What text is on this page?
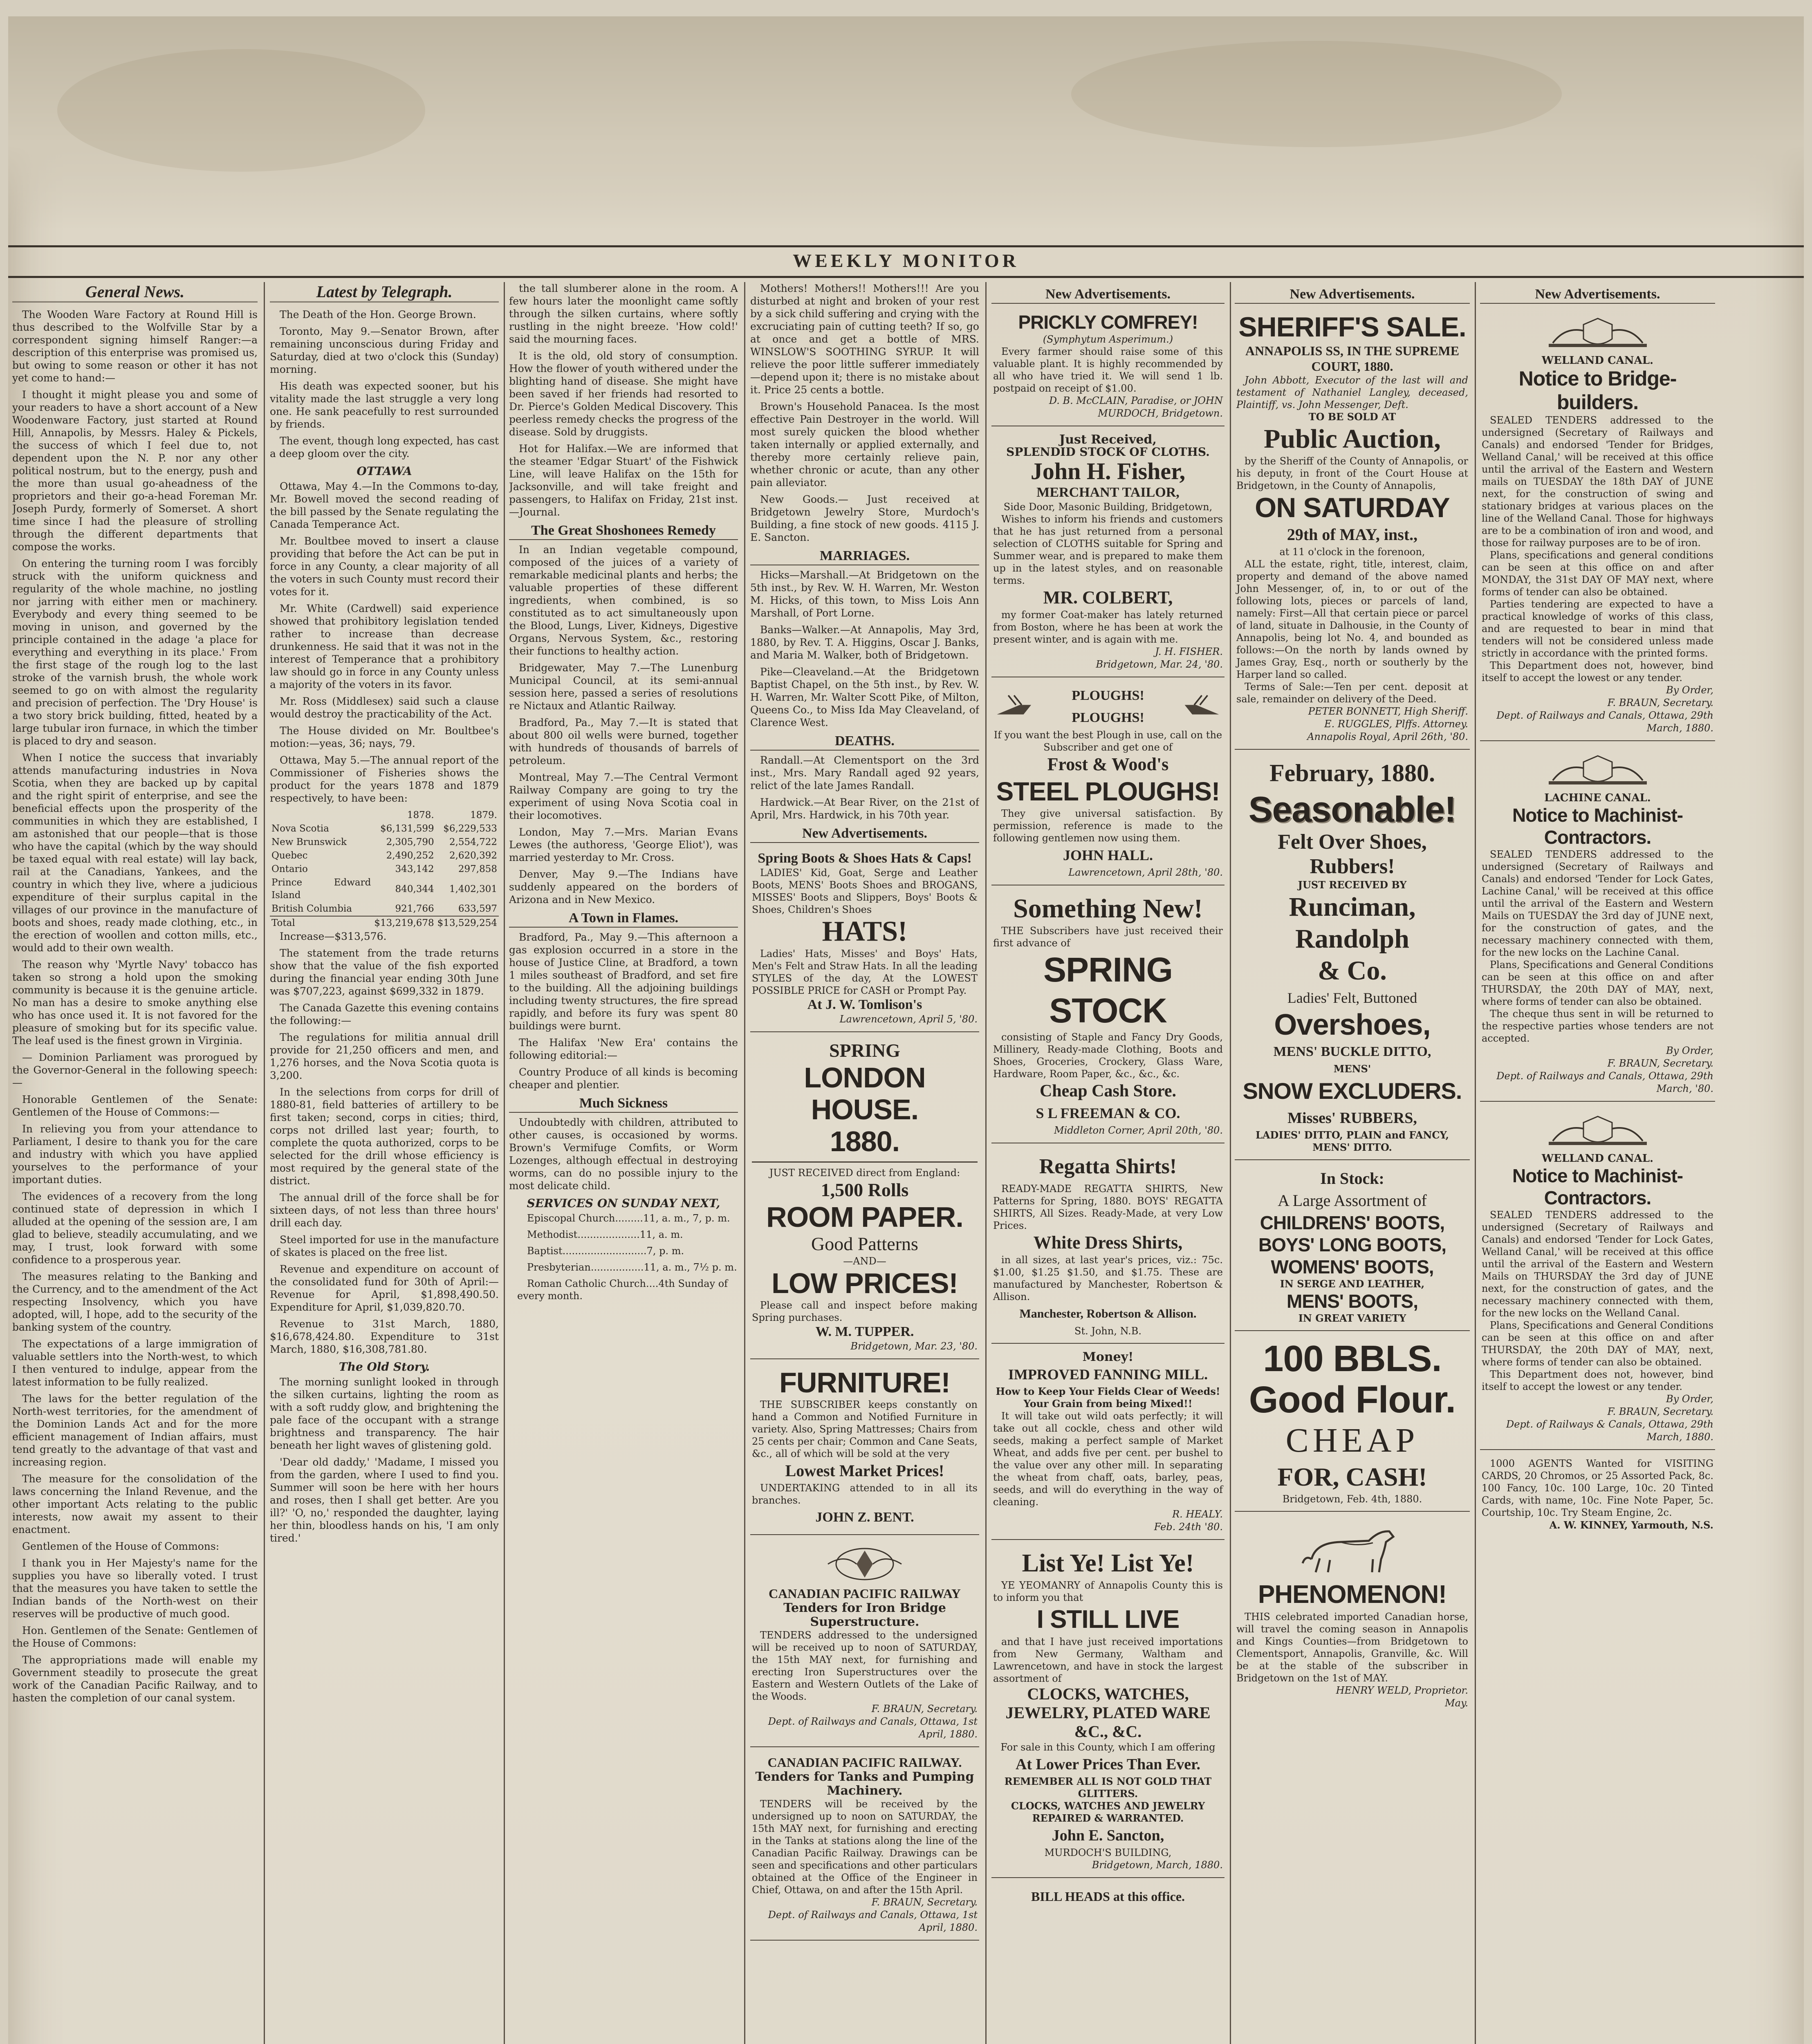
WEEKLY MONITOR
General News.
The Wooden Ware Factory at Round Hill is thus described to the Wolfville Star by a correspondent signing himself Ranger:—a description of this enterprise was promised us, but owing to some reason or other it has not yet come to hand:—
I thought it might please you and some of your readers to have a short account of a New Woodenware Factory, just started at Round Hill, Annapolis, by Messrs. Haley & Pickels, the success of which I feel due to, not dependent upon the N. P. nor any other political nostrum, but to the energy, push and the more than usual go-aheadness of the proprietors and their go-a-head Foreman Mr. Joseph Purdy, formerly of Somerset. A short time since I had the pleasure of strolling through the different departments that compose the works.
On entering the turning room I was forcibly struck with the uniform quickness and regularity of the whole machine, no jostling nor jarring with either men or machinery. Everybody and every thing seemed to be moving in unison, and governed by the principle contained in the adage 'a place for everything and everything in its place.' From the first stage of the rough log to the last stroke of the varnish brush, the whole work seemed to go on with almost the regularity and precision of perfection. The 'Dry House' is a two story brick building, fitted, heated by a large tubular iron furnace, in which the timber is placed to dry and season.
When I notice the success that invariably attends manufacturing industries in Nova Scotia, when they are backed up by capital and the right spirit of enterprise, and see the beneficial effects upon the prosperity of the communities in which they are established, I am astonished that our people—that is those who have the capital (which by the way should be taxed equal with real estate) will lay back, rail at the Canadians, Yankees, and the country in which they live, where a judicious expenditure of their surplus capital in the villages of our province in the manufacture of boots and shoes, ready made clothing, etc., in the erection of woollen and cotton mills, etc., would add to their own wealth.
The reason why 'Myrtle Navy' tobacco has taken so strong a hold upon the smoking community is because it is the genuine article. No man has a desire to smoke anything else who has once used it. It is not favored for the pleasure of smoking but for its specific value. The leaf used is the finest grown in Virginia.
— Dominion Parliament was prorogued by the Governor-General in the following speech:—
Honorable Gentlemen of the Senate: Gentlemen of the House of Commons:—
In relieving you from your attendance to Parliament, I desire to thank you for the care and industry with which you have applied yourselves to the performance of your important duties.
The evidences of a recovery from the long continued state of depression in which I alluded at the opening of the session are, I am glad to believe, steadily accumulating, and we may, I trust, look forward with some confidence to a prosperous year.
The measures relating to the Banking and the Currency, and to the amendment of the Act respecting Insolvency, which you have adopted, will, I hope, add to the security of the banking system of the country.
The expectations of a large immigration of valuable settlers into the North-west, to which I then ventured to indulge, appear from the latest information to be fully realized.
The laws for the better regulation of the North-west territories, for the amendment of the Dominion Lands Act and for the more efficient management of Indian affairs, must tend greatly to the advantage of that vast and increasing region.
The measure for the consolidation of the laws concerning the Inland Revenue, and the other important Acts relating to the public interests, now await my assent to their enactment.
Gentlemen of the House of Commons:
I thank you in Her Majesty's name for the supplies you have so liberally voted. I trust that the measures you have taken to settle the Indian bands of the North-west on their reserves will be productive of much good.
Hon. Gentlemen of the Senate: Gentlemen of the House of Commons:
The appropriations made will enable my Government steadily to prosecute the great work of the Canadian Pacific Railway, and to hasten the completion of our canal system.
Latest by Telegraph.
The Death of the Hon. George Brown.
Toronto, May 9.—Senator Brown, after remaining unconscious during Friday and Saturday, died at two o'clock this (Sunday) morning.
His death was expected sooner, but his vitality made the last struggle a very long one. He sank peacefully to rest surrounded by friends.
The event, though long expected, has cast a deep gloom over the city.
OTTAWA
Ottawa, May 4.—In the Commons to-day, Mr. Bowell moved the second reading of the bill passed by the Senate regulating the Canada Temperance Act.
Mr. Boultbee moved to insert a clause providing that before the Act can be put in force in any County, a clear majority of all the voters in such County must record their votes for it.
Mr. White (Cardwell) said experience showed that prohibitory legislation tended rather to increase than decrease drunkenness. He said that it was not in the interest of Temperance that a prohibitory law should go in force in any County unless a majority of the voters in its favor.
Mr. Ross (Middlesex) said such a clause would destroy the practicability of the Act.
The House divided on Mr. Boultbee's motion:—yeas, 36; nays, 79.
Ottawa, May 5.—The annual report of the Commissioner of Fisheries shows the product for the years 1878 and 1879 respectively, to have been:
	1878.	1879.
Nova Scotia	$6,131,599	$6,229,533
New Brunswick	2,305,790	2,554,722
Quebec	2,490,252	2,620,392
Ontario	343,142	297,858
Prince Edward Island	840,344	1,402,301
British Columbia	921,766	633,597
Total	$13,219,678	$13,529,254
Increase—$313,576.
The statement from the trade returns show that the value of the fish exported during the financial year ending 30th June was $707,223, against $699,332 in 1879.
The Canada Gazette this evening contains the following:—
The regulations for militia annual drill provide for 21,250 officers and men, and 1,276 horses, and the Nova Scotia quota is 3,200.
In the selections from corps for drill of 1880-81, field batteries of artillery to be first taken; second, corps in cities; third, corps not drilled last year; fourth, to complete the quota authorized, corps to be selected for the drill whose efficiency is most required by the general state of the district.
The annual drill of the force shall be for sixteen days, of not less than three hours' drill each day.
Steel imported for use in the manufacture of skates is placed on the free list.
Revenue and expenditure on account of the consolidated fund for 30th of April:— Revenue for April, $1,898,490.50. Expenditure for April, $1,039,820.70.
Revenue to 31st March, 1880, $16,678,424.80. Expenditure to 31st March, 1880, $16,308,781.80.
The Old Story.
The morning sunlight looked in through the silken curtains, lighting the room as with a soft ruddy glow, and brightening the pale face of the occupant with a strange brightness and transparency. The hair beneath her light waves of glistening gold.
'Dear old daddy,' 'Madame, I missed you from the garden, where I used to find you. Summer will soon be here with her hours and roses, then I shall get better. Are you ill?' 'O, no,' responded the daughter, laying her thin, bloodless hands on his, 'I am only tired.'
the tall slumberer alone in the room. A few hours later the moonlight came softly through the silken curtains, where softly rustling in the night breeze. 'How cold!' said the mourning faces.
It is the old, old story of consumption. How the flower of youth withered under the blighting hand of disease. She might have been saved if her friends had resorted to Dr. Pierce's Golden Medical Discovery. This peerless remedy checks the progress of the disease. Sold by druggists.
Hot for Halifax.—We are informed that the steamer 'Edgar Stuart' of the Fishwick Line, will leave Halifax on the 15th for Jacksonville, and will take freight and passengers, to Halifax on Friday, 21st inst.—Journal.
The Great Shoshonees Remedy
In an Indian vegetable compound, composed of the juices of a variety of remarkable medicinal plants and herbs; the valuable properties of these different ingredients, when combined, is so constituted as to act simultaneously upon the Blood, Lungs, Liver, Kidneys, Digestive Organs, Nervous System, &c., restoring their functions to healthy action.
Bridgewater, May 7.—The Lunenburg Municipal Council, at its semi-annual session here, passed a series of resolutions re Nictaux and Atlantic Railway.
Bradford, Pa., May 7.—It is stated that about 800 oil wells were burned, together with hundreds of thousands of barrels of petroleum.
Montreal, May 7.—The Central Vermont Railway Company are going to try the experiment of using Nova Scotia coal in their locomotives.
London, May 7.—Mrs. Marian Evans Lewes (the authoress, 'George Eliot'), was married yesterday to Mr. Cross.
Denver, May 9.—The Indians have suddenly appeared on the borders of Arizona and in New Mexico.
A Town in Flames.
Bradford, Pa., May 9.—This afternoon a gas explosion occurred in a store in the house of Justice Cline, at Bradford, a town 1 miles southeast of Bradford, and set fire to the building. All the adjoining buildings including twenty structures, the fire spread rapidly, and before its fury was spent 80 buildings were burnt.
The Halifax 'New Era' contains the following editorial:—
Country Produce of all kinds is becoming cheaper and plentier.
Much Sickness
Undoubtedly with children, attributed to other causes, is occasioned by worms. Brown's Vermifuge Comfits, or Worm Lozenges, although effectual in destroying worms, can do no possible injury to the most delicate child.
SERVICES ON SUNDAY NEXT,
Episcopal Church.........11, a. m., 7, p. m.
Methodist....................11, a. m.
Baptist...........................7, p. m.
Presbyterian.................11, a. m., 7½ p. m.
Roman Catholic Church....4th Sunday of every month.
Mothers! Mothers!! Mothers!!! Are you disturbed at night and broken of your rest by a sick child suffering and crying with the excruciating pain of cutting teeth? If so, go at once and get a bottle of MRS. WINSLOW'S SOOTHING SYRUP. It will relieve the poor little sufferer immediately—depend upon it; there is no mistake about it. Price 25 cents a bottle.
Brown's Household Panacea. Is the most effective Pain Destroyer in the world. Will most surely quicken the blood whether taken internally or applied externally, and thereby more certainly relieve pain, whether chronic or acute, than any other pain alleviator.
New Goods.— Just received at Bridgetown Jewelry Store, Murdoch's Building, a fine stock of new goods. 4115 J. E. Sancton.
MARRIAGES.
Hicks—Marshall.—At Bridgetown on the 5th inst., by Rev. W. H. Warren, Mr. Weston M. Hicks, of this town, to Miss Lois Ann Marshall, of Port Lorne.
Banks—Walker.—At Annapolis, May 3rd, 1880, by Rev. T. A. Higgins, Oscar J. Banks, and Maria M. Walker, both of Bridgetown.
Pike—Cleaveland.—At the Bridgetown Baptist Chapel, on the 5th inst., by Rev. W. H. Warren, Mr. Walter Scott Pike, of Milton, Queens Co., to Miss Ida May Cleaveland, of Clarence West.
DEATHS.
Randall.—At Clementsport on the 3rd inst., Mrs. Mary Randall aged 92 years, relict of the late James Randall.
Hardwick.—At Bear River, on the 21st of April, Mrs. Hardwick, in his 70th year.
New Advertisements.
Spring Boots & Shoes Hats & Caps!
LADIES' Kid, Goat, Serge and Leather Boots, MENS' Boots Shoes and BROGANS, MISSES' Boots and Slippers, Boys' Boots & Shoes, Children's Shoes
HATS!
Ladies' Hats, Misses' and Boys' Hats, Men's Felt and Straw Hats. In all the leading STYLES of the day, At the LOWEST POSSIBLE PRICE for CASH or Prompt Pay.
At J. W. Tomlison's
Lawrencetown, April 5, '80.
SPRING
LONDON HOUSE.
1880.
JUST RECEIVED direct from England:
1,500 Rolls
ROOM PAPER.
Good Patterns
—AND—
LOW PRICES!
Please call and inspect before making Spring purchases.
W. M. TUPPER.
Bridgetown, Mar. 23, '80.
FURNITURE!
THE SUBSCRIBER keeps constantly on hand a Common and Notified Furniture in variety. Also, Spring Mattresses; Chairs from 25 cents per chair; Common and Cane Seats, &c., all of which will be sold at the very
Lowest Market Prices!
UNDERTAKING attended to in all its branches.
JOHN Z. BENT.
CANADIAN PACIFIC RAILWAY
Tenders for Iron Bridge Superstructure.
TENDERS addressed to the undersigned will be received up to noon of SATURDAY, the 15th MAY next, for furnishing and erecting Iron Superstructures over the Eastern and Western Outlets of the Lake of the Woods.
F. BRAUN, Secretary.
Dept. of Railways and Canals, Ottawa, 1st April, 1880.
CANADIAN PACIFIC RAILWAY.
Tenders for Tanks and Pumping Machinery.
TENDERS will be received by the undersigned up to noon on SATURDAY, the 15th MAY next, for furnishing and erecting in the Tanks at stations along the line of the Canadian Pacific Railway. Drawings can be seen and specifications and other particulars obtained at the Office of the Engineer in Chief, Ottawa, on and after the 15th April.
F. BRAUN, Secretary.
Dept. of Railways and Canals, Ottawa, 1st April, 1880.
New Advertisements.
PRICKLY COMFREY!
(Symphytum Asperimum.)
Every farmer should raise some of this valuable plant. It is highly recommended by all who have tried it. We will send 1 lb. postpaid on receipt of $1.00.
D. B. McCLAIN, Paradise, or JOHN MURDOCH, Bridgetown.
Just Received,
SPLENDID STOCK OF CLOTHS.
John H. Fisher,
MERCHANT TAILOR,
Side Door, Masonic Building, Bridgetown,
Wishes to inform his friends and customers that he has just returned from a personal selection of CLOTHS suitable for Spring and Summer wear, and is prepared to make them up in the latest styles, and on reasonable terms.
MR. COLBERT,
my former Coat-maker has lately returned from Boston, where he has been at work the present winter, and is again with me.
J. H. FISHER.
Bridgetown, Mar. 24, '80.
PLOUGHS! PLOUGHS!
If you want the best Plough in use, call on the Subscriber and get one of
Frost & Wood's
STEEL PLOUGHS!
They give universal satisfaction. By permission, reference is made to the following gentlemen now using them.
JOHN HALL.
Lawrencetown, April 28th, '80.
Something New!
THE Subscribers have just received their first advance of
SPRING
STOCK
consisting of Staple and Fancy Dry Goods, Millinery, Ready-made Clothing, Boots and Shoes, Groceries, Crockery, Glass Ware, Hardware, Room Paper, &c., &c., &c.
Cheap Cash Store.
S L FREEMAN & CO.
Middleton Corner, April 20th, '80.
Regatta Shirts!
READY-MADE REGATTA SHIRTS, New Patterns for Spring, 1880. BOYS' REGATTA SHIRTS, All Sizes. Ready-Made, at very Low Prices.
White Dress Shirts,
in all sizes, at last year's prices, viz.: 75c. $1.00, $1.25 $1.50, and $1.75. These are manufactured by Manchester, Robertson & Allison.
Manchester, Robertson & Allison.
St. John, N.B.
Money!
IMPROVED FANNING MILL.
How to Keep Your Fields Clear of Weeds! Your Grain from being Mixed!!
It will take out wild oats perfectly; it will take out all cockle, chess and other wild seeds, making a perfect sample of Market Wheat, and adds five per cent. per bushel to the value over any other mill. In separating the wheat from chaff, oats, barley, peas, seeds, and will do everything in the way of cleaning.
R. HEALY.
Feb. 24th '80.
List Ye! List Ye!
YE YEOMANRY of Annapolis County this is to inform you that
I STILL LIVE
and that I have just received importations from New Germany, Waltham and Lawrencetown, and have in stock the largest assortment of
CLOCKS, WATCHES, JEWELRY, PLATED WARE &C., &C.
For sale in this County, which I am offering
At Lower Prices Than Ever.
REMEMBER ALL IS NOT GOLD THAT GLITTERS.
CLOCKS, WATCHES AND JEWELRY REPAIRED & WARRANTED.
John E. Sancton,
MURDOCH'S BUILDING,
Bridgetown, March, 1880.
BILL HEADS at this office.
New Advertisements.
SHERIFF'S SALE.
ANNAPOLIS SS, IN THE SUPREME COURT, 1880.
John Abbott, Executor of the last will and testament of Nathaniel Langley, deceased, Plaintiff, vs. John Messenger, Deft.
TO BE SOLD AT
Public Auction,
by the Sheriff of the County of Annapolis, or his deputy, in front of the Court House at Bridgetown, in the County of Annapolis,
ON SATURDAY
29th of MAY, inst.,
at 11 o'clock in the forenoon,
ALL the estate, right, title, interest, claim, property and demand of the above named John Messenger, of, in, to or out of the following lots, pieces or parcels of land, namely: First—All that certain piece or parcel of land, situate in Dalhousie, in the County of Annapolis, being lot No. 4, and bounded as follows:—On the north by lands owned by James Gray, Esq., north or southerly by the Harper land so called.
Terms of Sale:—Ten per cent. deposit at sale, remainder on delivery of the Deed.
PETER BONNETT, High Sheriff.
E. RUGGLES, Plffs. Attorney.
Annapolis Royal, April 26th, '80.
February, 1880.
Seasonable!
Felt Over Shoes, Rubbers!
JUST RECEIVED BY
Runciman,
Randolph
& Co.
Ladies' Felt, Buttoned
Overshoes,
MENS' BUCKLE DITTO,
MENS'
SNOW EXCLUDERS.
Misses' RUBBERS,
LADIES' DITTO, PLAIN and FANCY, MENS' DITTO.
In Stock:
A Large Assortment of
CHILDRENS' BOOTS,
BOYS' LONG BOOTS,
WOMENS' BOOTS,
IN SERGE AND LEATHER,
MENS' BOOTS,
IN GREAT VARIETY
100 BBLS.
Good Flour.
CHEAP
FOR, CASH!
Bridgetown, Feb. 4th, 1880.
PHENOMENON!
THIS celebrated imported Canadian horse, will travel the coming season in Annapolis and Kings Counties—from Bridgetown to Clementsport, Annapolis, Granville, &c. Will be at the stable of the subscriber in Bridgetown on the 1st of MAY.
HENRY WELD, Proprietor.
May.
New Advertisements.
WELLAND CANAL.
Notice to Bridge-builders.
SEALED TENDERS addressed to the undersigned (Secretary of Railways and Canals) and endorsed 'Tender for Bridges, Welland Canal,' will be received at this office until the arrival of the Eastern and Western mails on TUESDAY the 18th DAY of JUNE next, for the construction of swing and stationary bridges at various places on the line of the Welland Canal. Those for highways are to be a combination of iron and wood, and those for railway purposes are to be of iron.
Plans, specifications and general conditions can be seen at this office on and after MONDAY, the 31st DAY OF MAY next, where forms of tender can also be obtained.
Parties tendering are expected to have a practical knowledge of works of this class, and are requested to bear in mind that tenders will not be considered unless made strictly in accordance with the printed forms.
This Department does not, however, bind itself to accept the lowest or any tender.
By Order,
F. BRAUN, Secretary.
Dept. of Railways and Canals, Ottawa, 29th March, 1880.
LACHINE CANAL.
Notice to Machinist-Contractors.
SEALED TENDERS addressed to the undersigned (Secretary of Railways and Canals) and endorsed 'Tender for Lock Gates, Lachine Canal,' will be received at this office until the arrival of the Eastern and Western Mails on TUESDAY the 3rd day of JUNE next, for the construction of gates, and the necessary machinery connected with them, for the new locks on the Lachine Canal.
Plans, Specifications and General Conditions can be seen at this office on and after THURSDAY, the 20th DAY of MAY, next, where forms of tender can also be obtained.
The cheque thus sent in will be returned to the respective parties whose tenders are not accepted.
By Order,
F. BRAUN, Secretary.
Dept. of Railways and Canals, Ottawa, 29th March, '80.
WELLAND CANAL.
Notice to Machinist-Contractors.
SEALED TENDERS addressed to the undersigned (Secretary of Railways and Canals) and endorsed 'Tender for Lock Gates, Welland Canal,' will be received at this office until the arrival of the Eastern and Western Mails on THURSDAY the 3rd day of JUNE next, for the construction of gates, and the necessary machinery connected with them, for the new locks on the Welland Canal.
Plans, Specifications and General Conditions can be seen at this office on and after THURSDAY, the 20th DAY of MAY, next, where forms of tender can also be obtained.
This Department does not, however, bind itself to accept the lowest or any tender.
By Order,
F. BRAUN, Secretary.
Dept. of Railways & Canals, Ottawa, 29th March, 1880.
1000 AGENTS Wanted for VISITING CARDS, 20 Chromos, or 25 Assorted Pack, 8c. 100 Fancy, 10c. 100 Large, 10c. 20 Tinted Cards, with name, 10c. Fine Note Paper, 5c. Courtship, 10c. Try Steam Engine, 2c.
A. W. KINNEY, Yarmouth, N.S.
